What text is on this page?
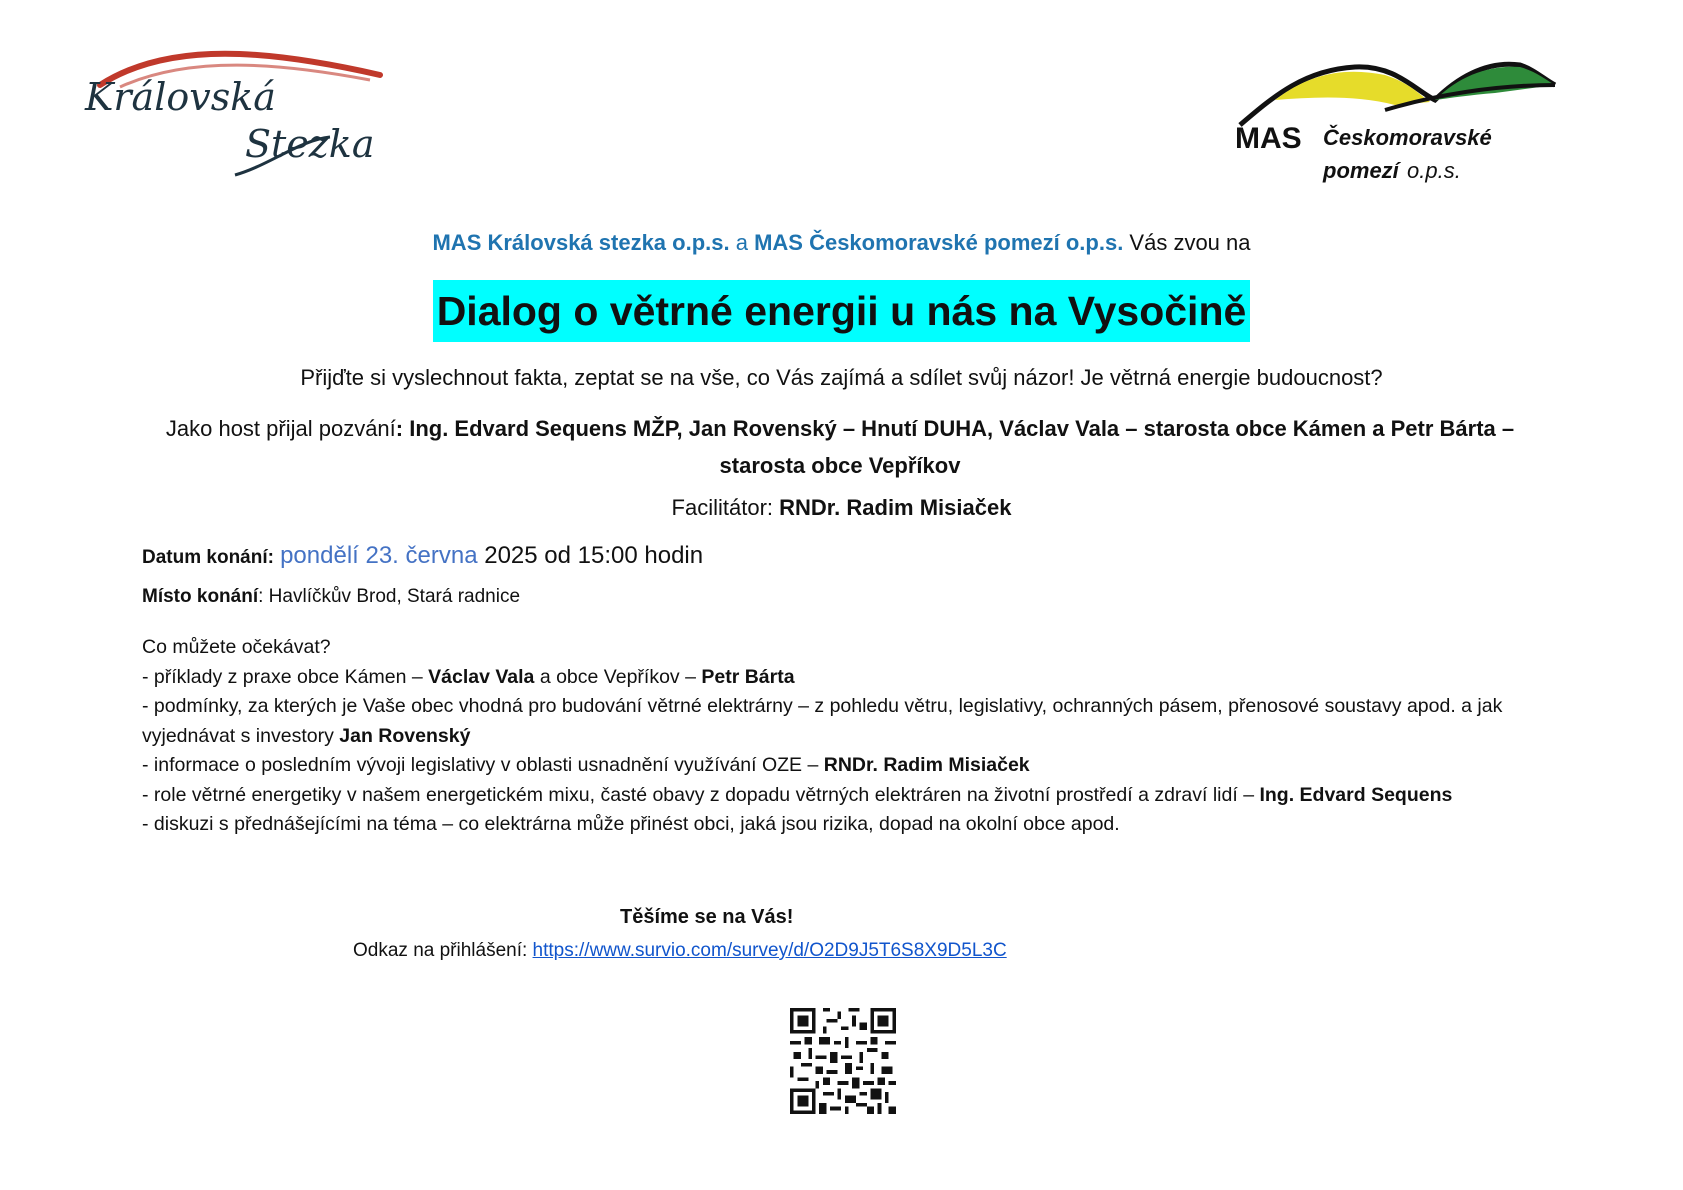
Královská
Stezka	MAS Českomoravské
pomezí o.p.s.
MAS Královská stezka o.p.s. a MAS Českomoravské pomezí o.p.s. Vás zvou na
Dialog o větrné energii u nás na Vysočině
Přijďte si vyslechnout fakta, zeptat se na vše, co Vás zajímá a sdílet svůj názor! Je větrná energie budoucnost?
Jako host přijal pozvání: Ing. Edvard Sequens MŽP, Jan Rovenský – Hnutí DUHA, Václav Vala – starosta obce Kámen a Petr Bárta – starosta obce Vepříkov
Facilitátor: RNDr. Radim Misiaček
Datum konání: pondělí 23. června 2025 od 15:00 hodin
Místo konání: Havlíčkův Brod, Stará radnice
Co můžete očekávat?
- příklady z praxe obce Kámen – Václav Vala a obce Vepříkov – Petr Bárta
- podmínky, za kterých je Vaše obec vhodná pro budování větrné elektrárny – z pohledu větru, legislativy, ochranných pásem, přenosové soustavy apod. a jak vyjednávat s investory Jan Rovenský
- informace o posledním vývoji legislativy v oblasti usnadnění využívání OZE – RNDr. Radim Misiaček
- role větrné energetiky v našem energetickém mixu, časté obavy z dopadu větrných elektráren na životní prostředí a zdraví lidí – Ing. Edvard Sequens
- diskuzi s přednášejícími na téma – co elektrárna může přinést obci, jaká jsou rizika, dopad na okolní obce apod.
Těšíme se na Vás!
Odkaz na přihlášení: https://www.survio.com/survey/d/O2D9J5T6S8X9D5L3C
